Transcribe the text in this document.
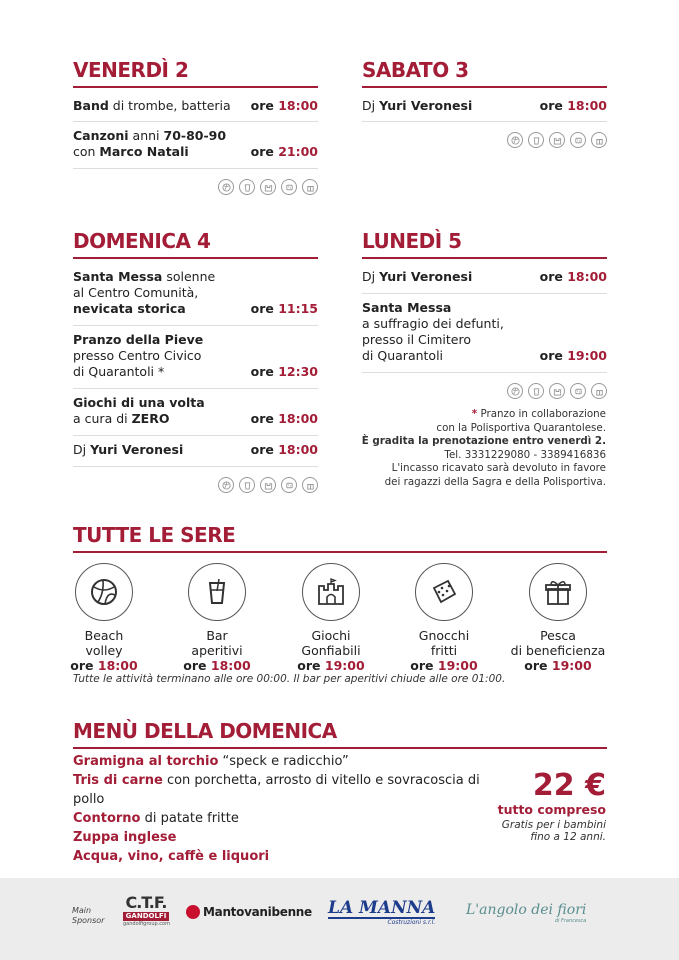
VENERDÌ 2
Band di trombe, batteria ore 18:00
Canzoni anni 70-80-90
con Marco Natali	ore 21:00
SABATO 3
Dj Yuri Veronesi	ore 18:00
DOMENICA 4
Santa Messa solenne
al Centro Comunità,
nevicata storica	ore 11:15
Pranzo della Pieve
presso Centro Civico
di Quarantoli *	ore 12:30
Giochi di una volta
a cura di ZERO	ore 18:00
Dj Yuri Veronesi	ore 18:00
LUNEDÌ 5
Dj Yuri Veronesi	ore 18:00
Santa Messa
a suffragio dei defunti,
presso il Cimitero
di Quarantoli	ore 19:00
* Pranzo in collaborazione
con la Polisportiva Quarantolese.
È gradita la prenotazione entro venerdì 2.
Tel. 3331229080 - 3389416836
L'incasso ricavato sarà devoluto in favore
dei ragazzi della Sagra e della Polisportiva.
TUTTE LE SERE
Beach
volley
ore 18:00
Bar
aperitivi
ore 18:00
Giochi
Gonfiabili
ore 19:00
Gnocchi
fritti
ore 19:00
Pesca
di beneficienza
ore 19:00
Tutte le attività terminano alle ore 00:00. Il bar per aperitivi chiude alle ore 01:00.
MENÙ DELLA DOMENICA
Gramigna al torchio “speck e radicchio”
Tris di carne con porchetta, arrosto di vitello e sovracoscia di pollo
Contorno di patate fritte
Zuppa inglese
Acqua, vino, caffè e liquori
22 €
tutto compreso
Gratis per i bambini
fino a 12 anni.
Main
Sponsor
C.T.F.
GANDOLFI
gandolfigroup.com
Mantovanibenne LA MANNA
Costruzioni s.r.l.
L'angolo dei fiori
di Francesca
